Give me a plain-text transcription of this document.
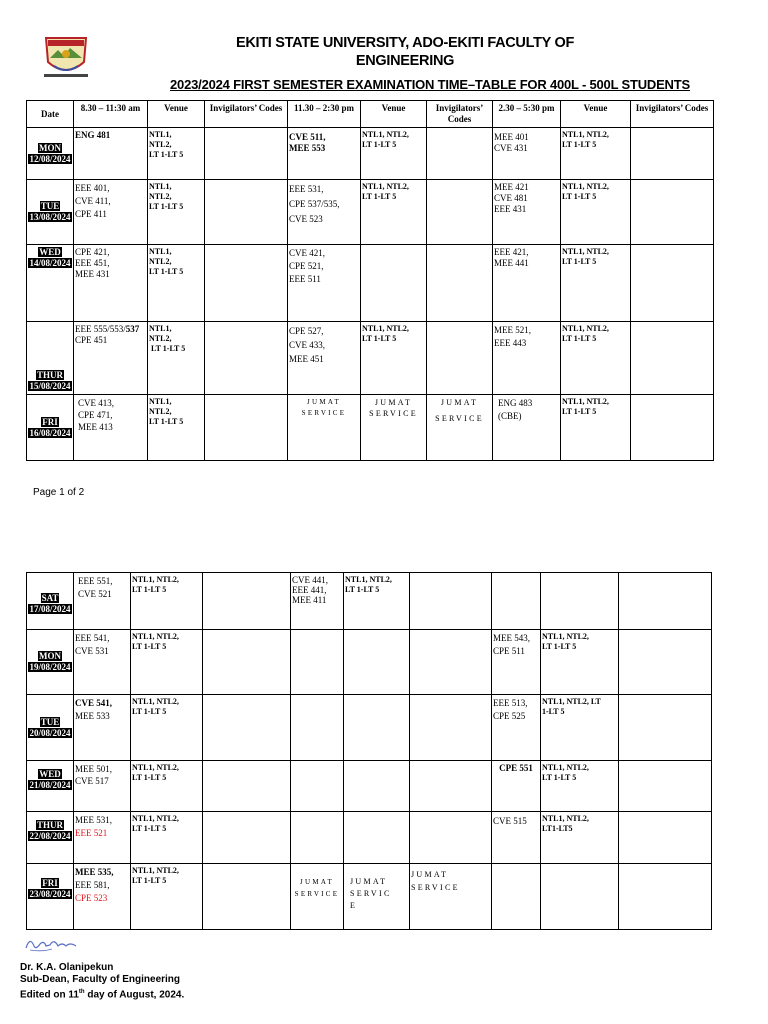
EKITI STATE UNIVERSITY, ADO-EKITI FACULTY OF
ENGINEERING
2023/2024 FIRST SEMESTER EXAMINATION TIME–TABLE FOR 400L - 500L STUDENTS
Date	8.30 – 11:30 am	Venue	Invigilators’ Codes	11.30 – 2:30 pm	Venue	Invigilators’ Codes	2.30 – 5:30 pm	Venue	Invigilators’ Codes
MON
12/08/2024	ENG 481	NTL1,
NTL2,
LT 1-LT 5		CVE 511,
MEE 553	NTL1, NTL2,
LT 1-LT 5		MEE 401
CVE 431	NTL1, NTL2,
LT 1-LT 5	
TUE
13/08/2024	EEE 401,
CVE 411,
CPE 411	NTL1,
NTL2,
LT 1-LT 5		EEE 531,
CPE 537/535,
CVE 523	NTL1, NTL2,
LT 1-LT 5		MEE 421
CVE 481
EEE 431	NTL1, NTL2,
LT 1-LT 5	
WED
14/08/2024	CPE 421,
EEE 451,
MEE 431	NTL1,
NTL2,
LT 1-LT 5		CVE 421,
CPE 521,
EEE 511			EEE 421,
MEE 441	NTL1, NTL2,
LT 1-LT 5	
THUR
15/08/2024	EEE 555/553/537
CPE 451	NTL1,
NTL2,
LT 1-LT 5		CPE 527,
CVE 433,
MEE 451	NTL1, NTL2,
LT 1-LT 5		MEE 521,
EEE 443	NTL1, NTL2,
LT 1-LT 5	
FRI
16/08/2024	CVE 413,
CPE 471,
MEE 413	NTL1,
NTL2,
LT 1-LT 5		JUMAT
SERVICE	JUMAT
SERVICE	JUMAT
SERVICE	ENG 483
(CBE)	NTL1, NTL2,
LT 1-LT 5	
Page 1 of 2
SAT
17/08/2024	EEE 551,
CVE 521	NTL1, NTL2,
LT 1-LT 5		CVE 441,
EEE 441,
MEE 411	NTL1, NTL2,
LT 1-LT 5				
MON
19/08/2024	EEE 541,
CVE 531	NTL1, NTL2,
LT 1-LT 5					MEE 543,
CPE 511	NTL1, NTL2,
LT 1-LT 5	
TUE
20/08/2024	CVE 541,
MEE 533	NTL1, NTL2,
LT 1-LT 5					EEE 513,
CPE 525	NTL1, NTL2, LT
1-LT 5	
WED
21/08/2024	MEE 501,
CVE 517	NTL1, NTL2,
LT 1-LT 5					CPE 551	NTL1, NTL2,
LT 1-LT 5	
THUR
22/08/2024	MEE 531,
EEE 521	NTL1, NTL2,
LT 1-LT 5					CVE 515	NTL1, NTL2,
LT1-LT5	
FRI
23/08/2024	MEE 535,
EEE 581,
CPE 523	NTL1, NTL2,
LT 1-LT 5		JUMAT
SERVICE	JUMAT
SERVIC
E	JUMAT
SERVICE			
Dr. K.A. Olanipekun
Sub-Dean, Faculty of Engineering
Edited on 11th day of August, 2024.
